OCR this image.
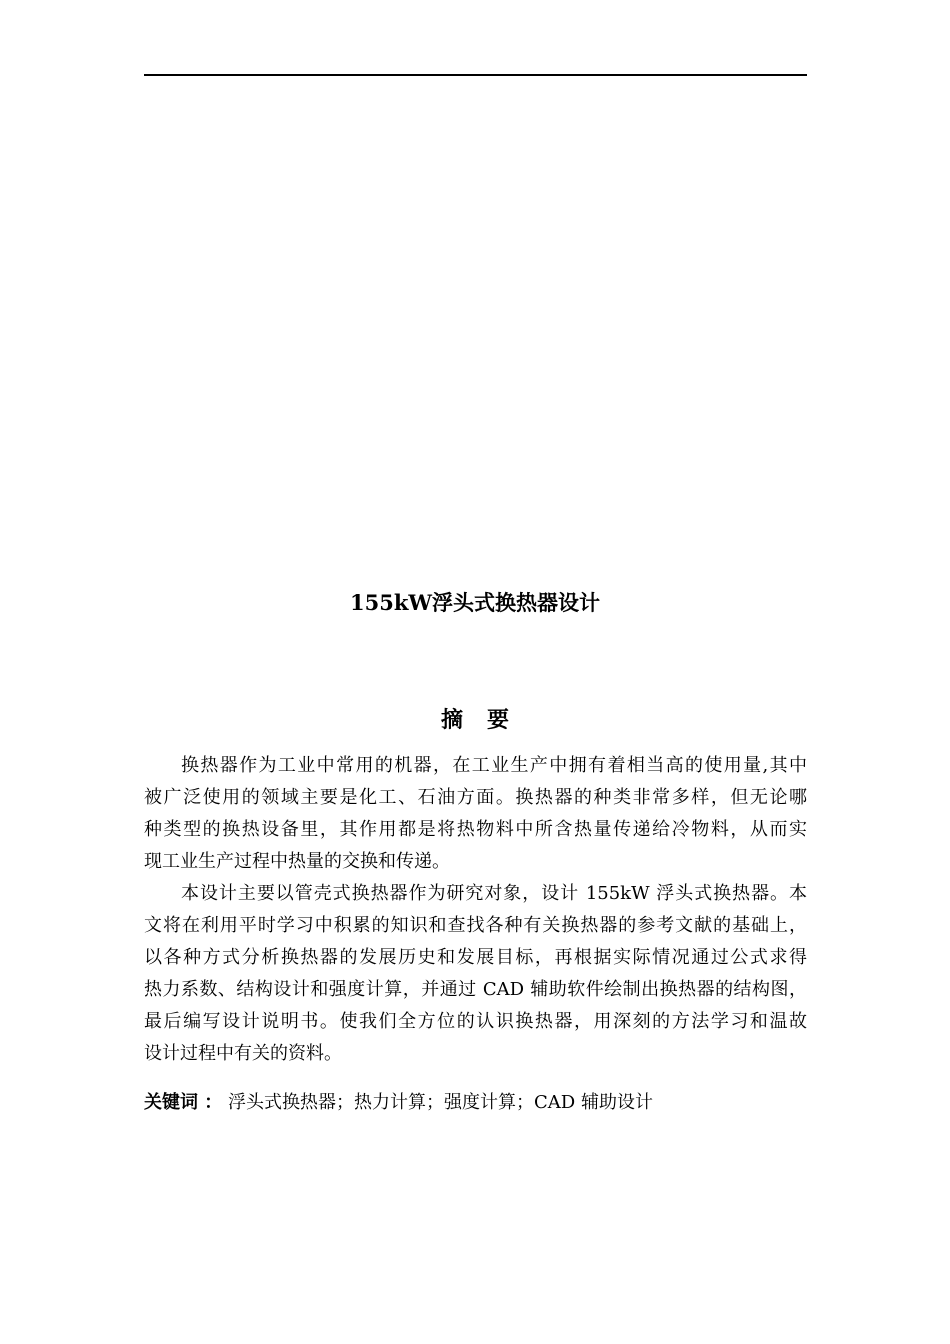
155kW浮头式换热器设计
摘要
换热器作为工业中常用的机器，在工业生产中拥有着相当高的使用量,其中
被广泛使用的领域主要是化工、石油方面。换热器的种类非常多样，但无论哪
种类型的换热设备里，其作用都是将热物料中所含热量传递给冷物料，从而实
现工业生产过程中热量的交换和传递。
本设计主要以管壳式换热器作为研究对象，设计 155kW 浮头式换热器。本
文将在利用平时学习中积累的知识和查找各种有关换热器的参考文献的基础上，
以各种方式分析换热器的发展历史和发展目标，再根据实际情况通过公式求得
热力系数、结构设计和强度计算，并通过 CAD 辅助软件绘制出换热器的结构图，
最后编写设计说明书。使我们全方位的认识换热器，用深刻的方法学习和温故
设计过程中有关的资料。
关键词 ： 浮头式换热器；热力计算；强度计算；CAD 辅助设计
